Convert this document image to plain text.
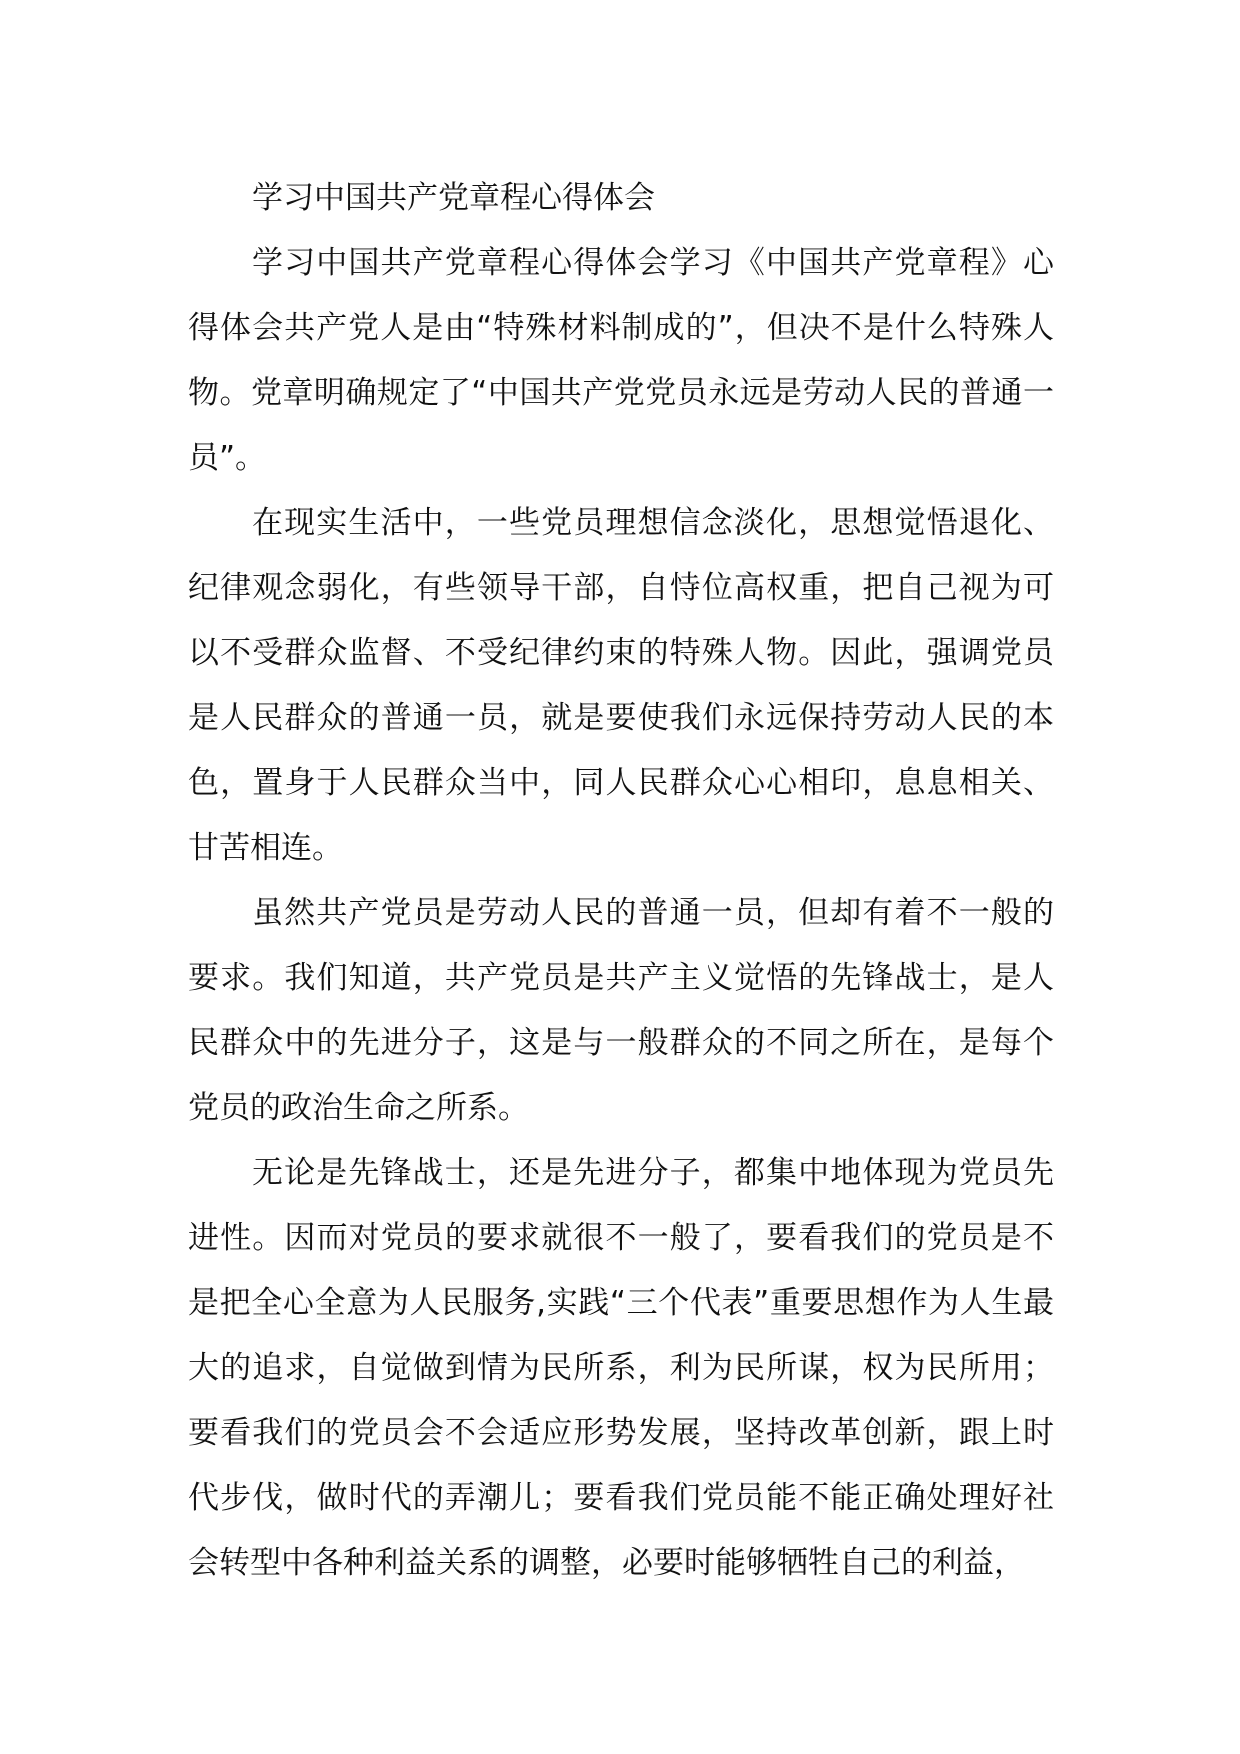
学习中国共产党章程心得体会

学习中国共产党章程心得体会学习《中国共产党章程》心得体会共产党人是由“特殊材料制成的”，但决不是什么特殊人物。党章明确规定了“中国共产党党员永远是劳动人民的普通一员”。

在现实生活中，一些党员理想信念淡化，思想觉悟退化、纪律观念弱化，有些领导干部，自恃位高权重，把自己视为可以不受群众监督、不受纪律约束的特殊人物。因此，强调党员是人民群众的普通一员，就是要使我们永远保持劳动人民的本色，置身于人民群众当中，同人民群众心心相印，息息相关、甘苦相连。

虽然共产党员是劳动人民的普通一员，但却有着不一般的要求。我们知道，共产党员是共产主义觉悟的先锋战士，是人民群众中的先进分子，这是与一般群众的不同之所在，是每个党员的政治生命之所系。

无论是先锋战士，还是先进分子，都集中地体现为党员先进性。因而对党员的要求就很不一般了，要看我们的党员是不是把全心全意为人民服务,实践“三个代表”重要思想作为人生最大的追求，自觉做到情为民所系，利为民所谋，权为民所用；要看我们的党员会不会适应形势发展，坚持改革创新，跟上时代步伐，做时代的弄潮儿；要看我们党员能不能正确处理好社会转型中各种利益关系的调整，必要时能够牺牲自己的利益，
